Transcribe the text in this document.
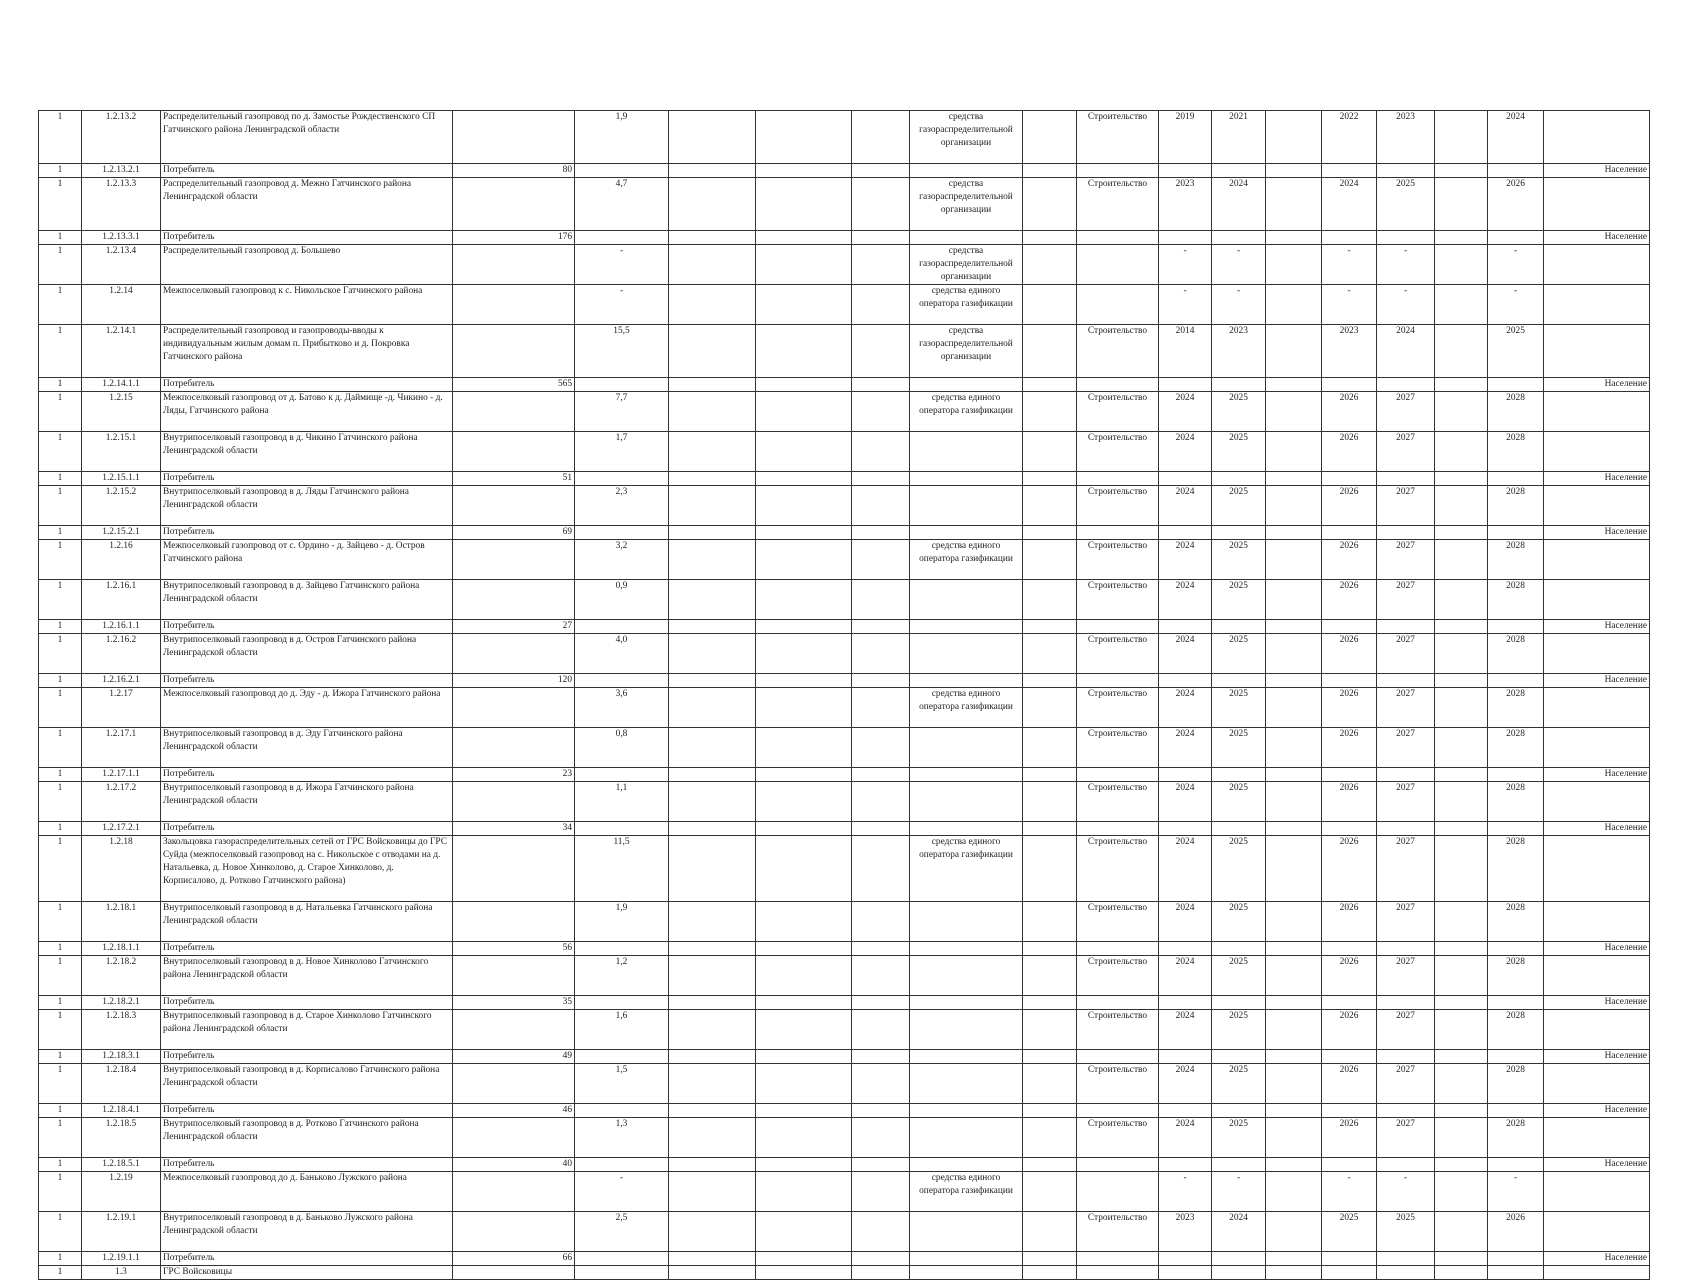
1	1.2.13.2	Распределительный газопровод по д. Замостье Рождественского СП Гатчинского района Ленинградской области		1,9				средства газораспределительной организации		Строительство	2019	2021		2022	2023		2024	
1	1.2.13.2.1	Потребитель	80															Население
1	1.2.13.3	Распределительный газопровод д. Межно Гатчинского района Ленинградской области		4,7				средства газораспределительной организации		Строительство	2023	2024		2024	2025		2026	
1	1.2.13.3.1	Потребитель	176															Население
1	1.2.13.4	Распределительный газопровод д. Большево		-				средства газораспределительной организации			-	-		-	-		-	
1	1.2.14	Межпоселковый газопровод к с. Никольское Гатчинского района		-				средства единого оператора газификации			-	-		-	-		-	
1	1.2.14.1	Распределительный газопровод и газопроводы-вводы к индивидуальным жилым домам п. Прибытково и д. Покровка Гатчинского района		15,5				средства газораспределительной организации		Строительство	2014	2023		2023	2024		2025	
1	1.2.14.1.1	Потребитель	565															Население
1	1.2.15	Межпоселковый газопровод от д. Батово к д. Даймище -д. Чикино - д. Ляды, Гатчинского района		7,7				средства единого оператора газификации		Строительство	2024	2025		2026	2027		2028	
1	1.2.15.1	Внутрипоселковый газопровод в д. Чикино Гатчинского района Ленинградской области		1,7						Строительство	2024	2025		2026	2027		2028	
1	1.2.15.1.1	Потребитель	51															Население
1	1.2.15.2	Внутрипоселковый газопровод в д. Ляды Гатчинского района Ленинградской области		2,3						Строительство	2024	2025		2026	2027		2028	
1	1.2.15.2.1	Потребитель	69															Население
1	1.2.16	Межпоселковый газопровод от с. Ордино - д. Зайцево - д. Остров Гатчинского района		3,2				средства единого оператора газификации		Строительство	2024	2025		2026	2027		2028	
1	1.2.16.1	Внутрипоселковый газопровод в д. Зайцево Гатчинского района Ленинградской области		0,9						Строительство	2024	2025		2026	2027		2028	
1	1.2.16.1.1	Потребитель	27															Население
1	1.2.16.2	Внутрипоселковый газопровод в д. Остров Гатчинского района Ленинградской области		4,0						Строительство	2024	2025		2026	2027		2028	
1	1.2.16.2.1	Потребитель	120															Население
1	1.2.17	Межпоселковый газопровод до д. Эду - д. Ижора Гатчинского района		3,6				средства единого оператора газификации		Строительство	2024	2025		2026	2027		2028	
1	1.2.17.1	Внутрипоселковый газопровод в д. Эду Гатчинского района Ленинградской области		0,8						Строительство	2024	2025		2026	2027		2028	
1	1.2.17.1.1	Потребитель	23															Население
1	1.2.17.2	Внутрипоселковый газопровод в д. Ижора Гатчинского района Ленинградской области		1,1						Строительство	2024	2025		2026	2027		2028	
1	1.2.17.2.1	Потребитель	34															Население
1	1.2.18	Закольцовка газораспределительных сетей от ГРС Войсковицы до ГРС Суйда (межпоселковый газопровод на с. Никольское с отводами на д. Натальевка, д. Новое Хинколово, д. Старое Хинколово, д. Корписалово, д. Ротково Гатчинского района)		11,5				средства единого оператора газификации		Строительство	2024	2025		2026	2027		2028	
1	1.2.18.1	Внутрипоселковый газопровод в д. Натальевка Гатчинского района Ленинградской области		1,9						Строительство	2024	2025		2026	2027		2028	
1	1.2.18.1.1	Потребитель	56															Население
1	1.2.18.2	Внутрипоселковый газопровод в д. Новое Хинколово Гатчинского района Ленинградской области		1,2						Строительство	2024	2025		2026	2027		2028	
1	1.2.18.2.1	Потребитель	35															Население
1	1.2.18.3	Внутрипоселковый газопровод в д. Старое Хинколово Гатчинского района Ленинградской области		1,6						Строительство	2024	2025		2026	2027		2028	
1	1.2.18.3.1	Потребитель	49															Население
1	1.2.18.4	Внутрипоселковый газопровод в д. Корписалово Гатчинского района Ленинградской области		1,5						Строительство	2024	2025		2026	2027		2028	
1	1.2.18.4.1	Потребитель	46															Население
1	1.2.18.5	Внутрипоселковый газопровод в д. Ротково Гатчинского района Ленинградской области		1,3						Строительство	2024	2025		2026	2027		2028	
1	1.2.18.5.1	Потребитель	40															Население
1	1.2.19	Межпоселковый газопровод до д. Баньково Лужского района		-				средства единого оператора газификации			-	-		-	-		-	
1	1.2.19.1	Внутрипоселковый газопровод в д. Баньково Лужского района Ленинградской области		2,5						Строительство	2023	2024		2025	2025		2026	
1	1.2.19.1.1	Потребитель	66															Население
1	1.3	ГРС Войсковицы																
